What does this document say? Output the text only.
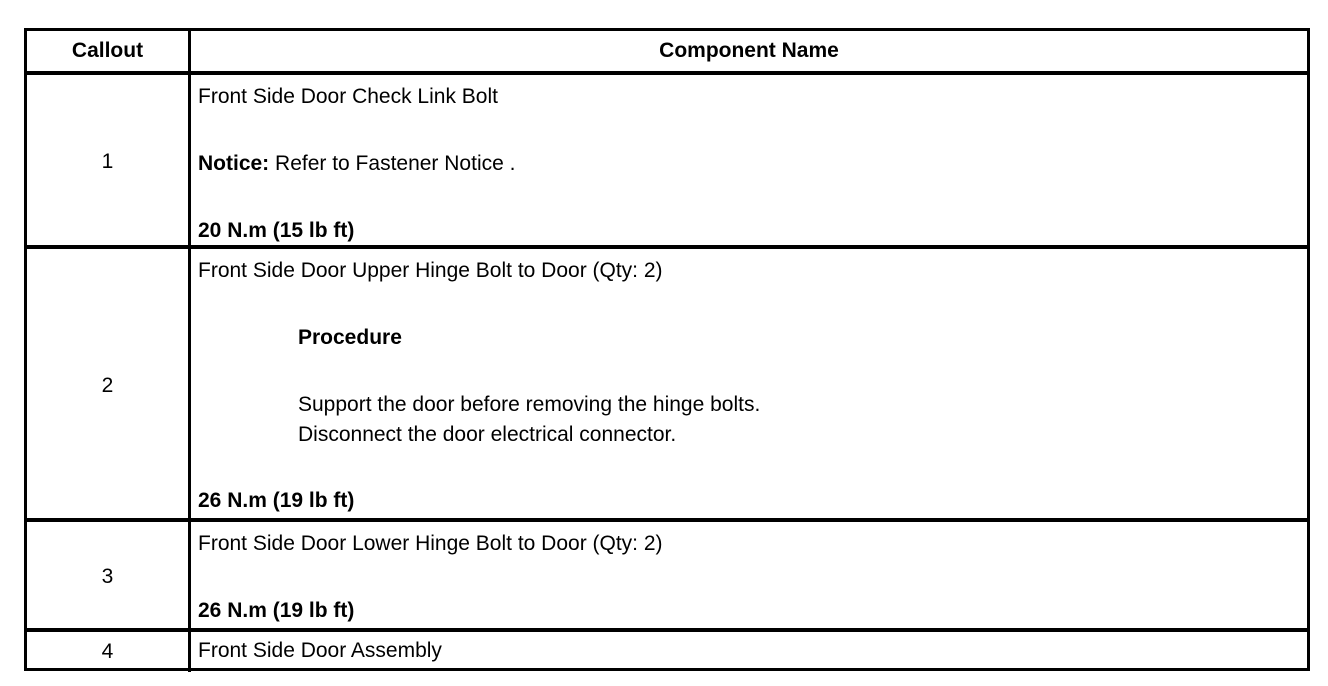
Callout	Component Name
1
Front Side Door Check Link Bolt
Notice: Refer to Fastener Notice .
20 N.m (15 lb ft)
2
Front Side Door Upper Hinge Bolt to Door (Qty: 2)
Procedure
Support the door before removing the hinge bolts.
Disconnect the door electrical connector.
26 N.m (19 lb ft)
3
Front Side Door Lower Hinge Bolt to Door (Qty: 2)
26 N.m (19 lb ft)
4	Front Side Door Assembly
